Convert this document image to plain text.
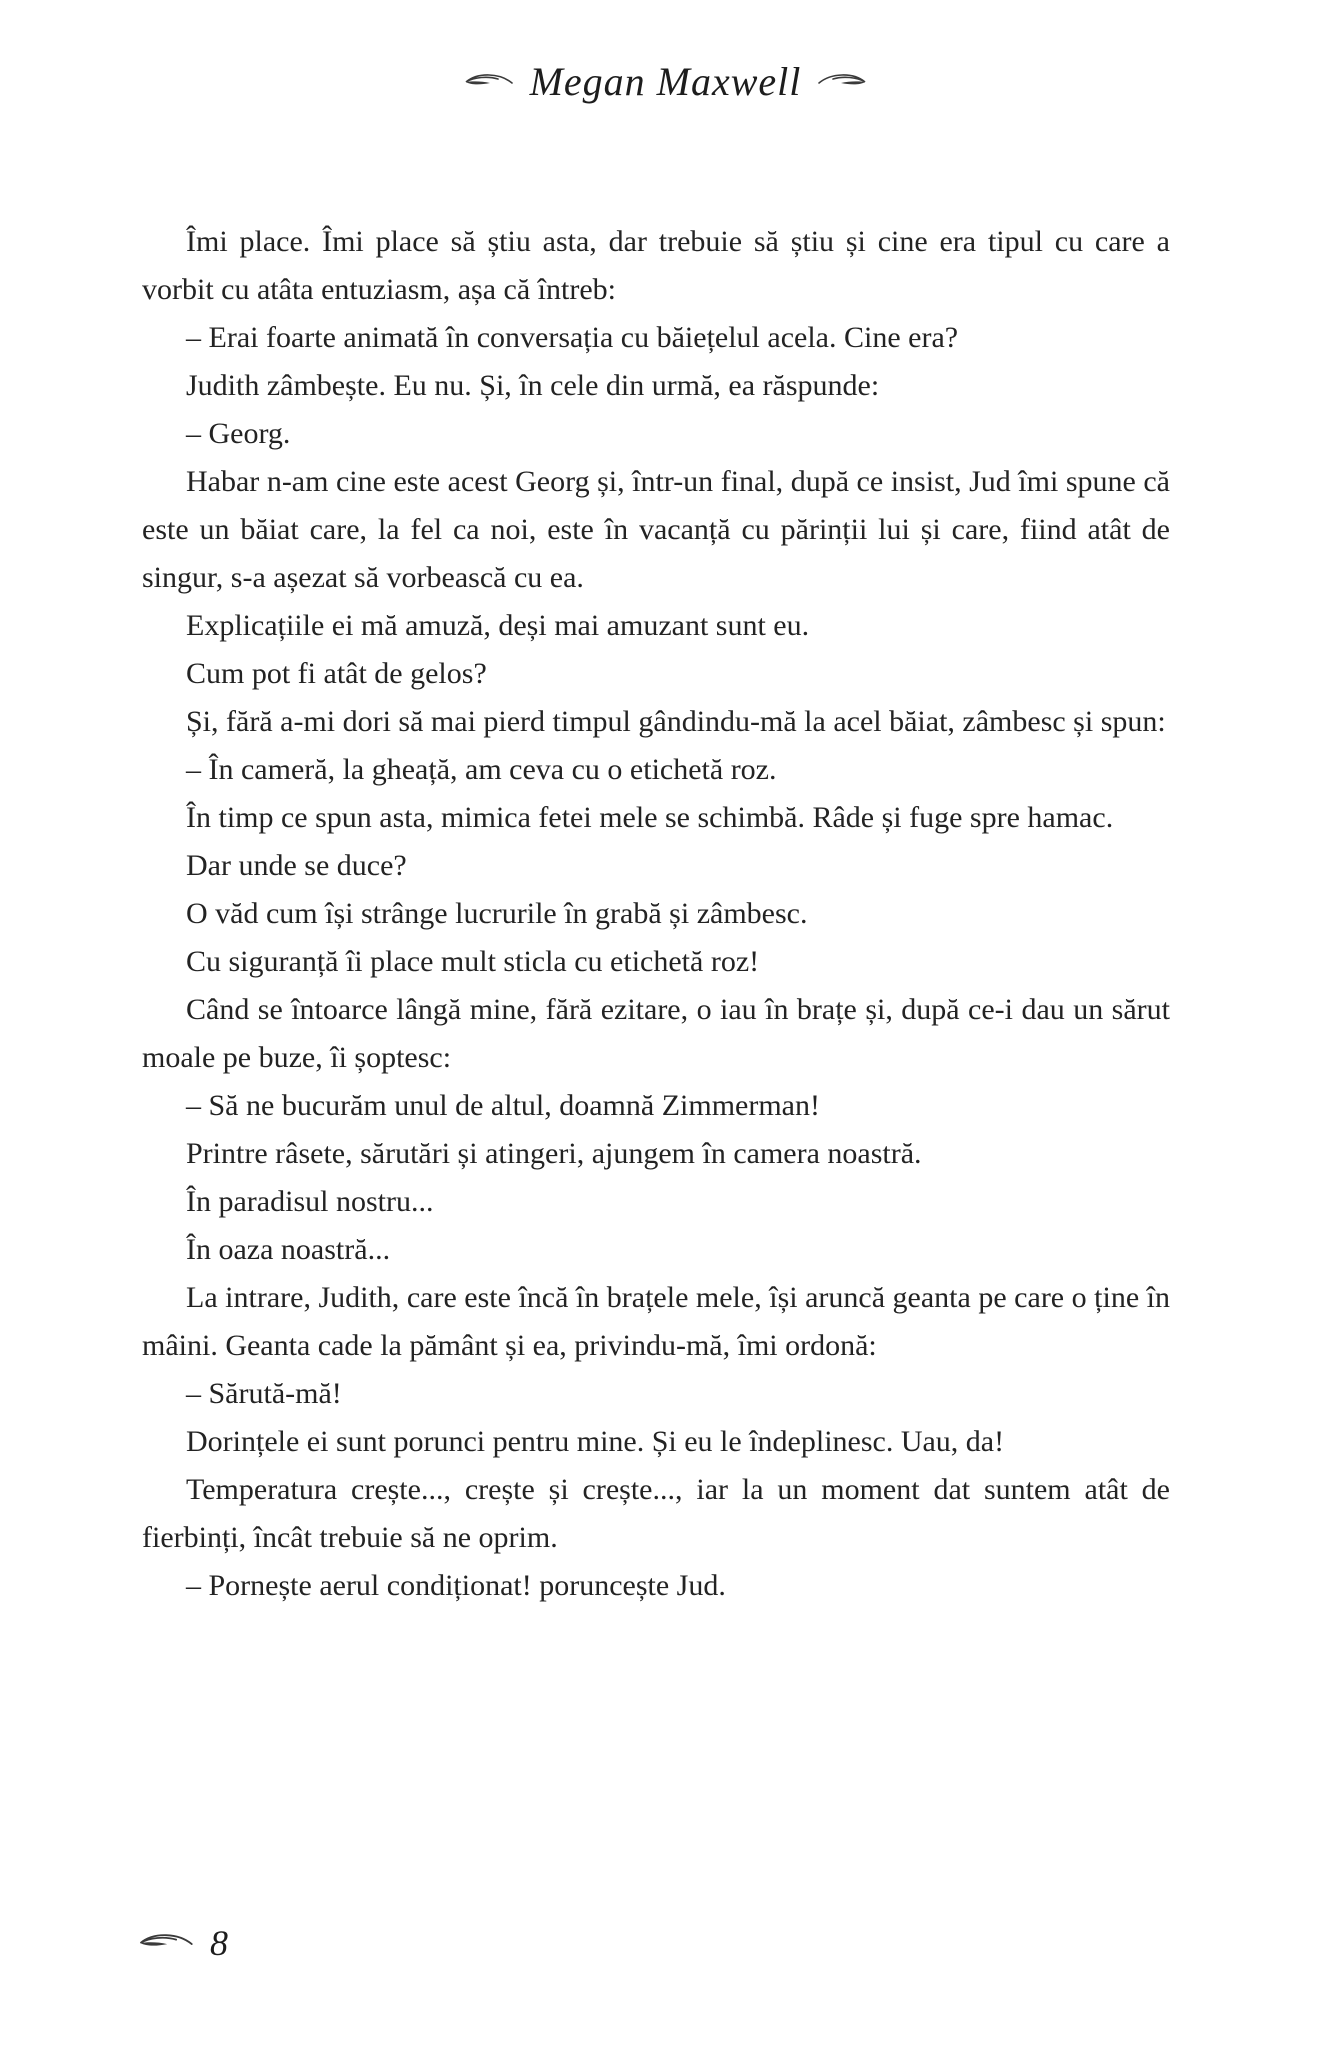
Megan Maxwell

Îmi place. Îmi place să știu asta, dar trebuie să știu și cine era tipul cu care a vorbit cu atâta entuziasm, așa că întreb:

– Erai foarte animată în conversația cu băiețelul acela. Cine era?

Judith zâmbește. Eu nu. Și, în cele din urmă, ea răspunde:

– Georg.

Habar n-am cine este acest Georg și, într-un final, după ce insist, Jud îmi spune că este un băiat care, la fel ca noi, este în vacanță cu părinții lui și care, fiind atât de singur, s-a așezat să vorbească cu ea.

Explicațiile ei mă amuză, deși mai amuzant sunt eu.

Cum pot fi atât de gelos?

Și, fără a-mi dori să mai pierd timpul gândindu-mă la acel băiat, zâmbesc și spun:

– În cameră, la gheață, am ceva cu o etichetă roz.

În timp ce spun asta, mimica fetei mele se schimbă. Râde și fuge spre hamac.

Dar unde se duce?

O văd cum își strânge lucrurile în grabă și zâmbesc.

Cu siguranță îi place mult sticla cu etichetă roz!

Când se întoarce lângă mine, fără ezitare, o iau în brațe și, după ce-i dau un sărut moale pe buze, îi șoptesc:

– Să ne bucurăm unul de altul, doamnă Zimmerman!

Printre râsete, sărutări și atingeri, ajungem în camera noastră.

În paradisul nostru...

În oaza noastră...

La intrare, Judith, care este încă în brațele mele, își aruncă geanta pe care o ține în mâini. Geanta cade la pământ și ea, privindu-mă, îmi ordonă:

– Sărută-mă!

Dorințele ei sunt porunci pentru mine. Și eu le îndeplinesc. Uau, da!

Temperatura crește..., crește și crește..., iar la un moment dat suntem atât de fierbinți, încât trebuie să ne oprim.

– Pornește aerul condiționat! poruncește Jud.

8
